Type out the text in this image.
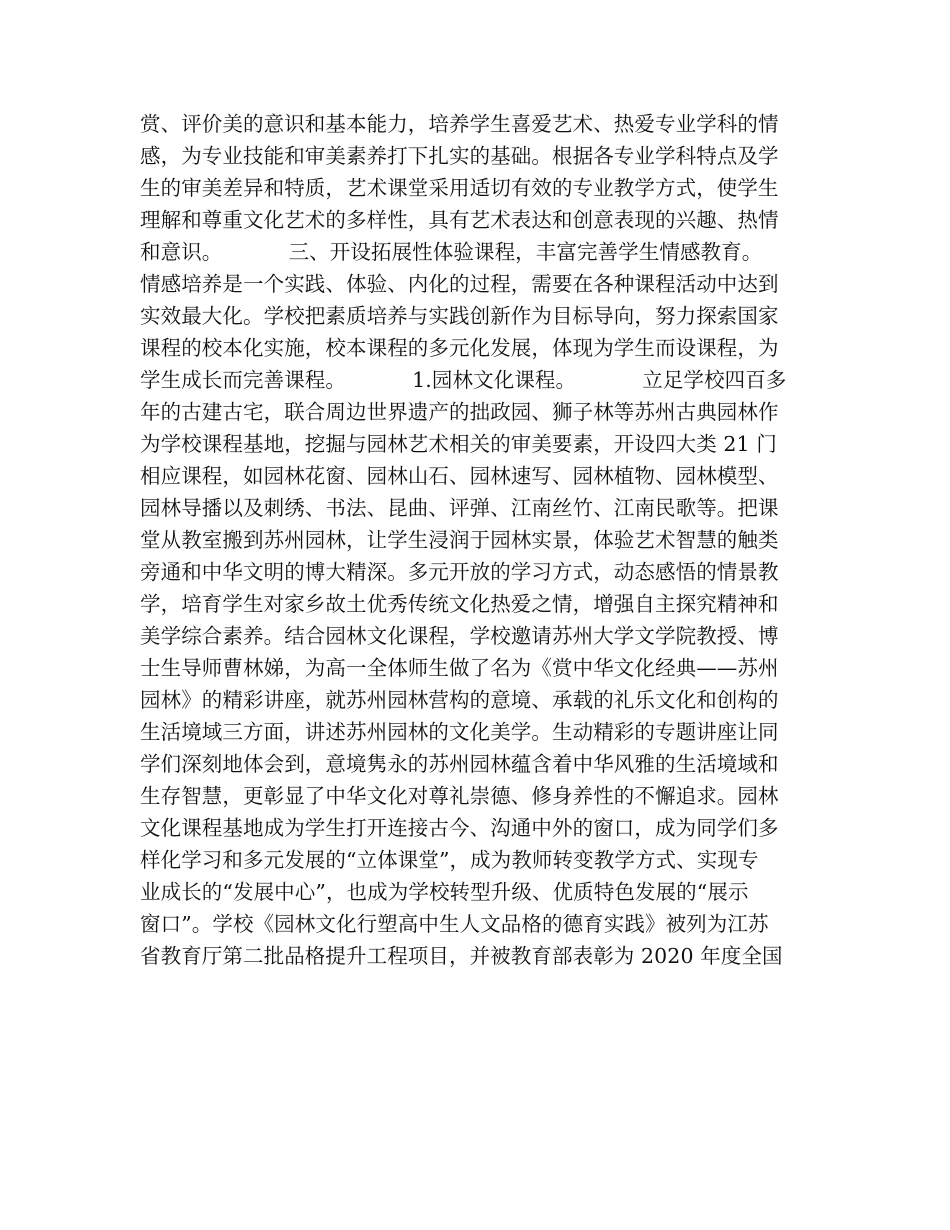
赏、评价美的意识和基本能力，培养学生喜爱艺术、热爱专业学科的情
感，为专业技能和审美素养打下扎实的基础。根据各专业学科特点及学
生的审美差异和特质，艺术课堂采用适切有效的专业教学方式，使学生
理解和尊重文化艺术的多样性，具有艺术表达和创意表现的兴趣、热情
和意识。          三、开设拓展性体验课程，丰富完善学生情感教育。
情感培养是一个实践、体验、内化的过程，需要在各种课程活动中达到
实效最大化。学校把素质培养与实践创新作为目标导向，努力探索国家
课程的校本化实施，校本课程的多元化发展，体现为学生而设课程，为
学生成长而完善课程。          1.园林文化课程。          立足学校四百多
年的古建古宅，联合周边世界遗产的拙政园、狮子林等苏州古典园林作
为学校课程基地，挖掘与园林艺术相关的审美要素，开设四大类 21 门
相应课程，如园林花窗、园林山石、园林速写、园林植物、园林模型、
园林导播以及刺绣、书法、昆曲、评弹、江南丝竹、江南民歌等。把课
堂从教室搬到苏州园林，让学生浸润于园林实景，体验艺术智慧的触类
旁通和中华文明的博大精深。多元开放的学习方式，动态感悟的情景教
学，培育学生对家乡故土优秀传统文化热爱之情，增强自主探究精神和
美学综合素养。结合园林文化课程，学校邀请苏州大学文学院教授、博
士生导师曹林娣，为高一全体师生做了名为《赏中华文化经典——苏州
园林》的精彩讲座，就苏州园林营构的意境、承载的礼乐文化和创构的
生活境域三方面，讲述苏州园林的文化美学。生动精彩的专题讲座让同
学们深刻地体会到，意境隽永的苏州园林蕴含着中华风雅的生活境域和
生存智慧，更彰显了中华文化对尊礼崇德、修身养性的不懈追求。园林
文化课程基地成为学生打开连接古今、沟通中外的窗口，成为同学们多
样化学习和多元发展的“立体课堂”，成为教师转变教学方式、实现专
业成长的“发展中心”，也成为学校转型升级、优质特色发展的“展示
窗口”。学校《园林文化行塑高中生人文品格的德育实践》被列为江苏
省教育厅第二批品格提升工程项目，并被教育部表彰为 2020 年度全国
